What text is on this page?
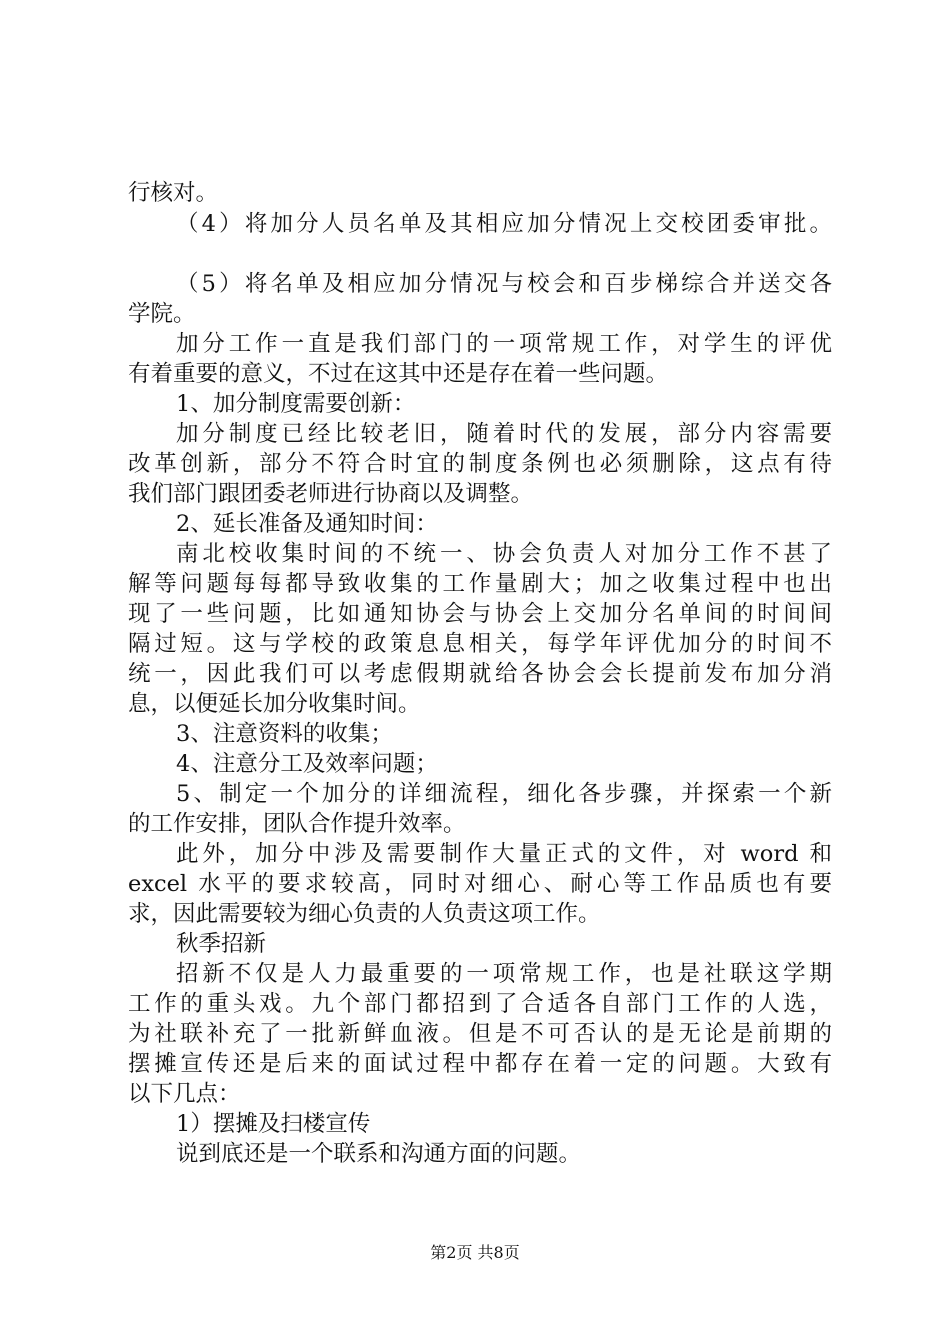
行核对。
（4）将加分人员名单及其相应加分情况上交校团委审批。
（5）将名单及相应加分情况与校会和百步梯综合并送交各
学院。
加分工作一直是我们部门的一项常规工作，对学生的评优
有着重要的意义，不过在这其中还是存在着一些问题。
1、加分制度需要创新：
加分制度已经比较老旧，随着时代的发展，部分内容需要
改革创新，部分不符合时宜的制度条例也必须删除，这点有待
我们部门跟团委老师进行协商以及调整。
2、延长准备及通知时间：
南北校收集时间的不统一、协会负责人对加分工作不甚了
解等问题每每都导致收集的工作量剧大；加之收集过程中也出
现了一些问题，比如通知协会与协会上交加分名单间的时间间
隔过短。这与学校的政策息息相关，每学年评优加分的时间不
统一，因此我们可以考虑假期就给各协会会长提前发布加分消
息，以便延长加分收集时间。
3、注意资料的收集；
4、注意分工及效率问题；
5、制定一个加分的详细流程，细化各步骤，并探索一个新
的工作安排，团队合作提升效率。
此外，加分中涉及需要制作大量正式的文件，对 word 和
excel 水平的要求较高，同时对细心、耐心等工作品质也有要
求，因此需要较为细心负责的人负责这项工作。
秋季招新
招新不仅是人力最重要的一项常规工作，也是社联这学期
工作的重头戏。九个部门都招到了合适各自部门工作的人选，
为社联补充了一批新鲜血液。但是不可否认的是无论是前期的
摆摊宣传还是后来的面试过程中都存在着一定的问题。大致有
以下几点：
1）摆摊及扫楼宣传
说到底还是一个联系和沟通方面的问题。
第2页 共8页
